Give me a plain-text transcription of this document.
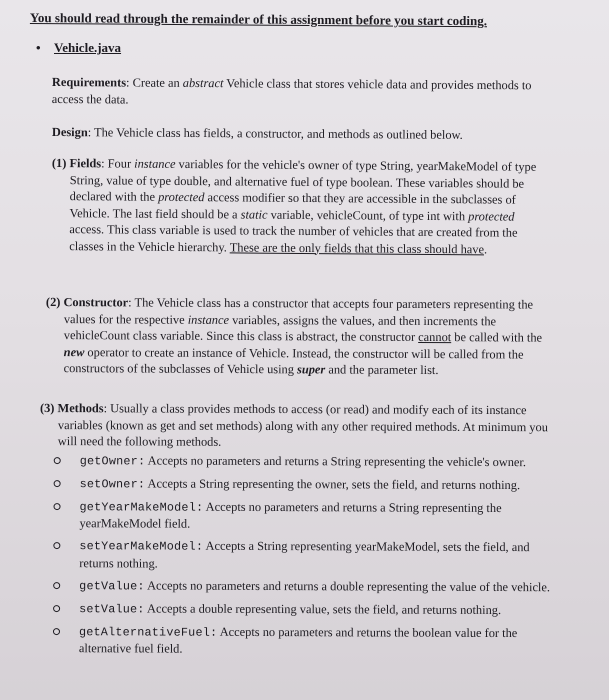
You should read through the remainder of this assignment before you start coding.
• Vehicle.java
Requirements: Create an abstract Vehicle class that stores vehicle data and provides methods to access the data.
Design: The Vehicle class has fields, a constructor, and methods as outlined below.
(1) Fields: Four instance variables for the vehicle's owner of type String, yearMakeModel of type String, value of type double, and alternative fuel of type boolean. These variables should be declared with the protected access modifier so that they are accessible in the subclasses of Vehicle. The last field should be a static variable, vehicleCount, of type int with protected access. This class variable is used to track the number of vehicles that are created from the classes in the Vehicle hierarchy. These are the only fields that this class should have.
(2) Constructor: The Vehicle class has a constructor that accepts four parameters representing the values for the respective instance variables, assigns the values, and then increments the vehicleCount class variable. Since this class is abstract, the constructor cannot be called with the new operator to create an instance of Vehicle. Instead, the constructor will be called from the constructors of the subclasses of Vehicle using super and the parameter list.
(3) Methods: Usually a class provides methods to access (or read) and modify each of its instance variables (known as get and set methods) along with any other required methods. At minimum you will need the following methods.
getOwner: Accepts no parameters and returns a String representing the vehicle's owner.
setOwner: Accepts a String representing the owner, sets the field, and returns nothing.
getYearMakeModel: Accepts no parameters and returns a String representing the yearMakeModel field.
setYearMakeModel: Accepts a String representing yearMakeModel, sets the field, and returns nothing.
getValue: Accepts no parameters and returns a double representing the value of the vehicle.
setValue: Accepts a double representing value, sets the field, and returns nothing.
getAlternativeFuel: Accepts no parameters and returns the boolean value for the alternative fuel field.
